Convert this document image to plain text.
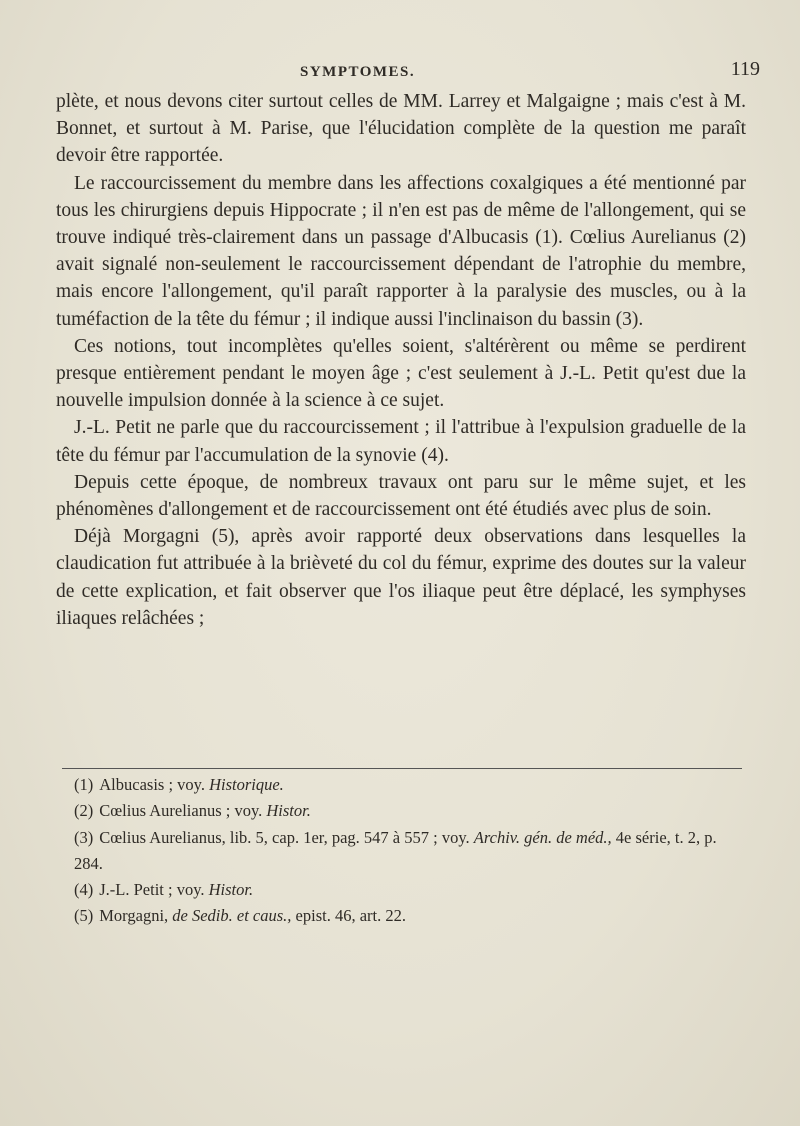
SYMPTOMES.	119

plète, et nous devons citer surtout celles de MM. Larrey et Malgaigne ; mais c'est à M. Bonnet, et surtout à M. Parise, que l'élucidation complète de la question me paraît devoir être rapportée.

Le raccourcissement du membre dans les affections coxalgiques a été mentionné par tous les chirurgiens depuis Hippocrate ; il n'en est pas de même de l'allongement, qui se trouve indiqué très-clairement dans un passage d'Albucasis (1). Cœlius Aurelianus (2) avait signalé non-seulement le raccourcissement dépendant de l'atrophie du membre, mais encore l'allongement, qu'il paraît rapporter à la paralysie des muscles, ou à la tuméfaction de la tête du fémur ; il indique aussi l'inclinaison du bassin (3).

Ces notions, tout incomplètes qu'elles soient, s'altérèrent ou même se perdirent presque entièrement pendant le moyen âge ; c'est seulement à J.-L. Petit qu'est due la nouvelle impulsion donnée à la science à ce sujet.

J.-L. Petit ne parle que du raccourcissement ; il l'attribue à l'expulsion graduelle de la tête du fémur par l'accumulation de la synovie (4).

Depuis cette époque, de nombreux travaux ont paru sur le même sujet, et les phénomènes d'allongement et de raccourcissement ont été étudiés avec plus de soin.

Déjà Morgagni (5), après avoir rapporté deux observations dans lesquelles la claudication fut attribuée à la brièveté du col du fémur, exprime des doutes sur la valeur de cette explication, et fait observer que l'os iliaque peut être déplacé, les symphyses iliaques relâchées ;

(1) Albucasis ; voy. Historique.

(2) Cœlius Aurelianus ; voy. Histor.

(3) Cœlius Aurelianus, lib. 5, cap. 1er, pag. 547 à 557 ; voy. Archiv. gén. de méd., 4e série, t. 2, p. 284.

(4) J.-L. Petit ; voy. Histor.

(5) Morgagni, de Sedib. et caus., epist. 46, art. 22.
